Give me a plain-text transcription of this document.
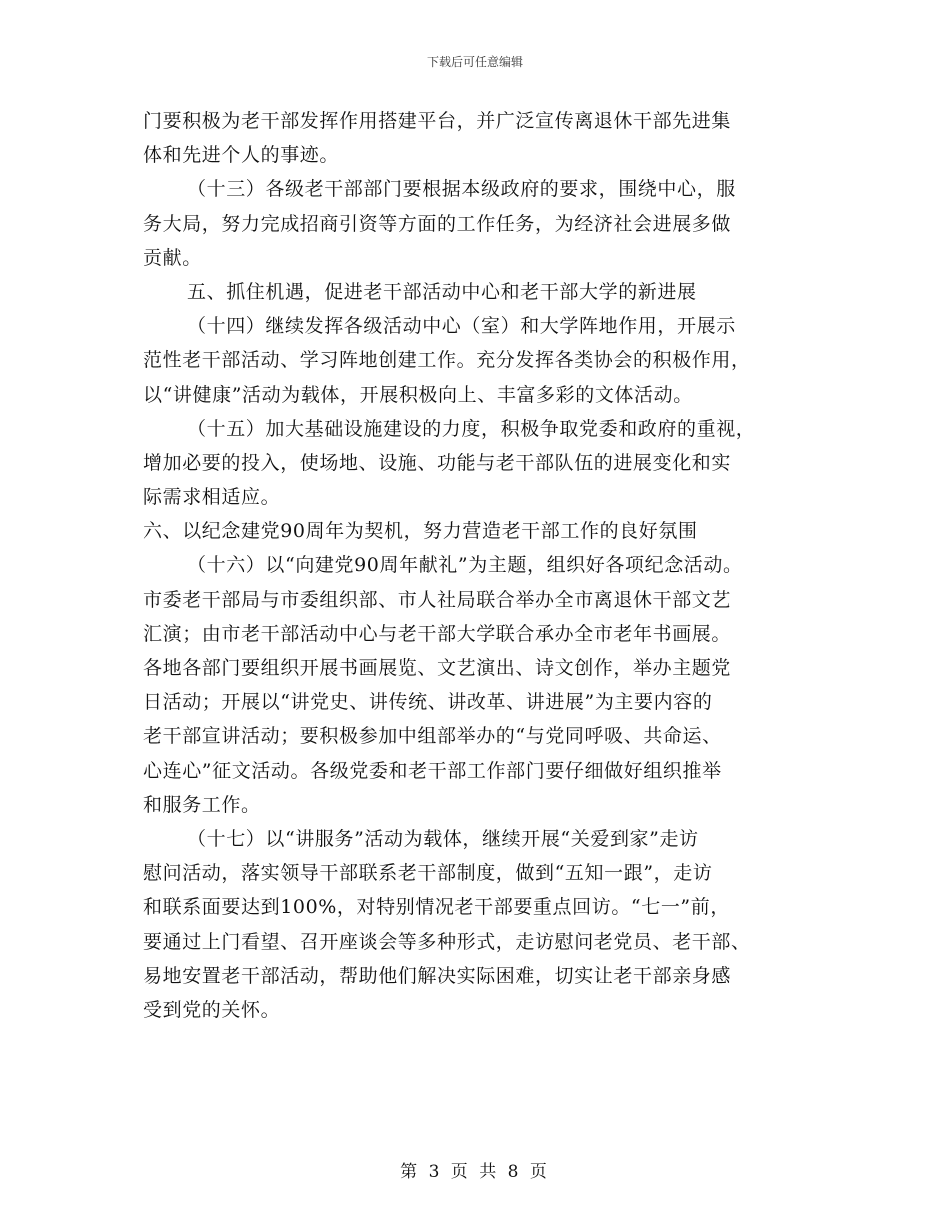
下载后可任意编辑
门要积极为老干部发挥作用搭建平台，并广泛宣传离退休干部先进集
体和先进个人的事迹。
（十三）各级老干部部门要根据本级政府的要求，围绕中心，服
务大局，努力完成招商引资等方面的工作任务，为经济社会进展多做
贡献。
五、抓住机遇，促进老干部活动中心和老干部大学的新进展
（十四）继续发挥各级活动中心（室）和大学阵地作用，开展示
范性老干部活动、学习阵地创建工作。充分发挥各类协会的积极作用，
以“讲健康”活动为载体，开展积极向上、丰富多彩的文体活动。
（十五）加大基础设施建设的力度，积极争取党委和政府的重视，
增加必要的投入，使场地、设施、功能与老干部队伍的进展变化和实
际需求相适应。
六、以纪念建党90周年为契机，努力营造老干部工作的良好氛围
（十六）以“向建党90周年献礼”为主题，组织好各项纪念活动。
市委老干部局与市委组织部、市人社局联合举办全市离退休干部文艺
汇演；由市老干部活动中心与老干部大学联合承办全市老年书画展。
各地各部门要组织开展书画展览、文艺演出、诗文创作，举办主题党
日活动；开展以“讲党史、讲传统、讲改革、讲进展”为主要内容的
老干部宣讲活动；要积极参加中组部举办的“与党同呼吸、共命运、
心连心”征文活动。各级党委和老干部工作部门要仔细做好组织推举
和服务工作。
（十七）以“讲服务”活动为载体，继续开展“关爱到家”走访
慰问活动，落实领导干部联系老干部制度，做到“五知一跟”，走访
和联系面要达到100%，对特别情况老干部要重点回访。“七一”前，
要通过上门看望、召开座谈会等多种形式，走访慰问老党员、老干部、
易地安置老干部活动，帮助他们解决实际困难，切实让老干部亲身感
受到党的关怀。
第 3 页 共 8 页
